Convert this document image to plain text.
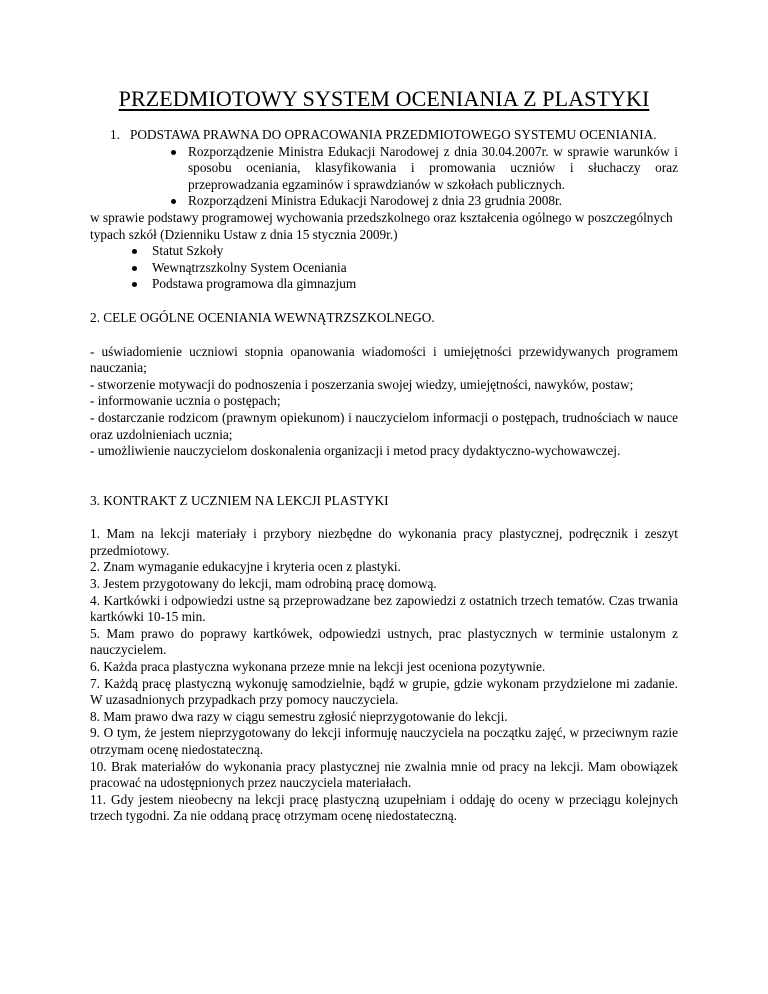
PRZEDMIOTOWY SYSTEM OCENIANIA Z PLASTYKI

1. PODSTAWA PRAWNA DO OPRACOWANIA PRZEDMIOTOWEGO SYSTEMU OCENIANIA.

Rozporządzenie Ministra Edukacji Narodowej z dnia 30.04.2007r. w sprawie warunków i sposobu oceniania, klasyfikowania i promowania uczniów i słuchaczy oraz przeprowadzania egzaminów i sprawdzianów w szkołach publicznych.
Rozporządzeni Ministra Edukacji Narodowej z dnia 23 grudnia 2008r.

w sprawie podstawy programowej wychowania przedszkolnego oraz kształcenia ogólnego w poszczególnych typach szkół (Dzienniku Ustaw z dnia 15 stycznia 2009r.)

Statut Szkoły
Wewnątrzszkolny System Oceniania
Podstawa programowa dla gimnazjum

2. CELE OGÓLNE OCENIANIA WEWNĄTRZSZKOLNEGO.

- uświadomienie uczniowi stopnia opanowania wiadomości i umiejętności przewidywanych programem nauczania;

- stworzenie motywacji do podnoszenia i poszerzania swojej wiedzy, umiejętności, nawyków, postaw;

- informowanie ucznia o postępach;

- dostarczanie rodzicom (prawnym opiekunom) i nauczycielom informacji o postępach, trudnościach w nauce oraz uzdolnieniach ucznia;

- umożliwienie nauczycielom doskonalenia organizacji i metod pracy dydaktyczno-wychowawczej.

3. KONTRAKT Z UCZNIEM NA LEKCJI PLASTYKI

1. Mam na lekcji materiały i przybory niezbędne do wykonania pracy plastycznej, podręcznik i zeszyt przedmiotowy.

2. Znam wymaganie edukacyjne i kryteria ocen z plastyki.

3. Jestem przygotowany do lekcji, mam odrobiną pracę domową.

4. Kartkówki i odpowiedzi ustne są przeprowadzane bez zapowiedzi z ostatnich trzech tematów. Czas trwania kartkówki 10-15 min.

5. Mam prawo do poprawy kartkówek, odpowiedzi ustnych, prac plastycznych w terminie ustalonym z nauczycielem.

6. Każda praca plastyczna wykonana przeze mnie na lekcji jest oceniona pozytywnie.

7. Każdą pracę plastyczną wykonuję samodzielnie, bądź w grupie, gdzie wykonam przydzielone mi zadanie. W uzasadnionych przypadkach przy pomocy nauczyciela.

8. Mam prawo dwa razy w ciągu semestru zgłosić nieprzygotowanie do lekcji.

9. O tym, że jestem nieprzygotowany do lekcji informuję nauczyciela na początku zajęć, w przeciwnym razie otrzymam ocenę niedostateczną.

10. Brak materiałów do wykonania pracy plastycznej nie zwalnia mnie od pracy na lekcji. Mam obowiązek pracować na udostępnionych przez nauczyciela materiałach.

11. Gdy jestem nieobecny na lekcji pracę plastyczną uzupełniam i oddaję do oceny w przeciągu kolejnych trzech tygodni. Za nie oddaną pracę otrzymam ocenę niedostateczną.
